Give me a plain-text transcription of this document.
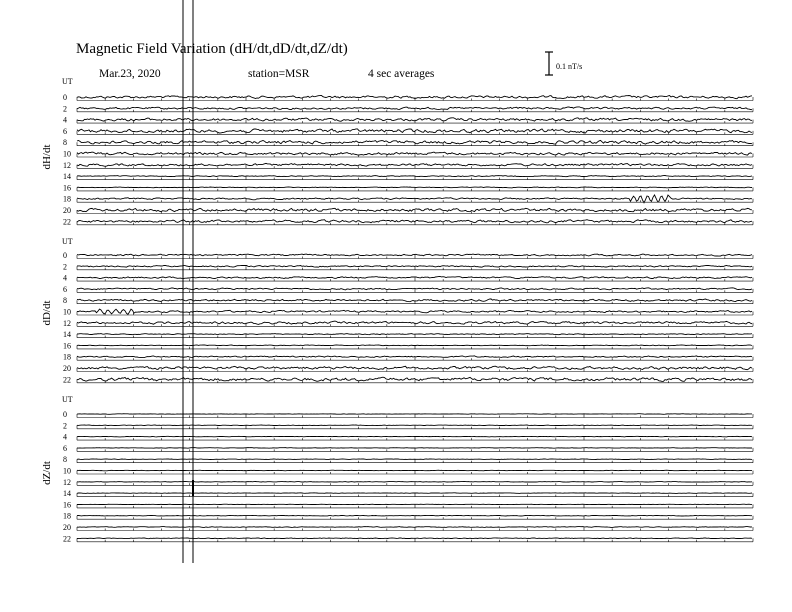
Magnetic Field Variation (dH/dt,dD/dt,dZ/dt)
Mar.23, 2020	station=MSR	4 sec averages
0.1 nT/s
UT
dH/dt
0
2
4
6
8
10
12
14
16
18
20
22
UT
dD/dt
0
2
4
6
8
10
12
14
16
18
20
22
UT
dZ/dt
0
2
4
6
8
10
12
14
16
18
20
22
